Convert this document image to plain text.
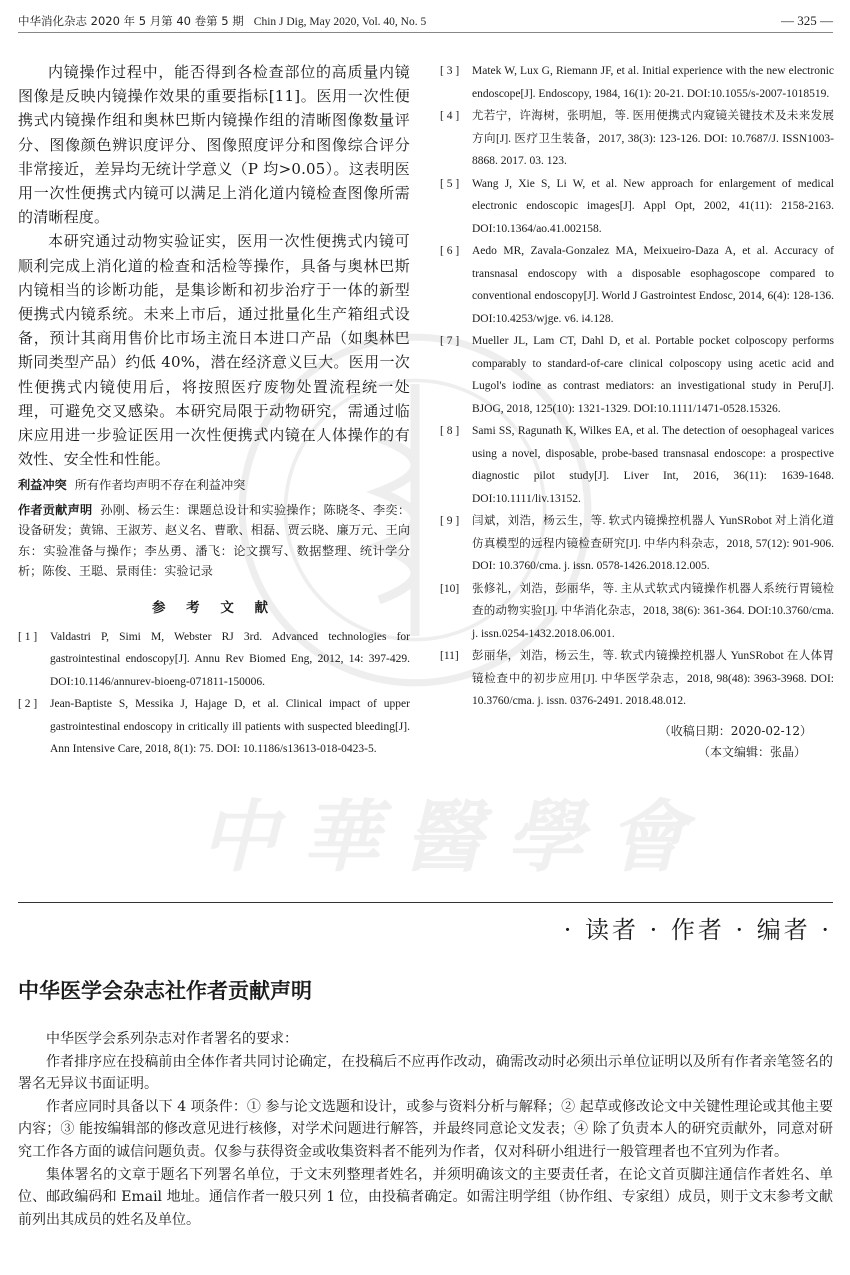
中华消化杂志 2020 年 5 月第 40 卷第 5 期 Chin J Dig, May 2020, Vol. 40, No. 5	— 325 —
中華醫學會

内镜操作过程中，能否得到各检查部位的高质量内镜图像是反映内镜操作效果的重要指标[11]。医用一次性便携式内镜操作组和奥林巴斯内镜操作组的清晰图像数量评分、图像颜色辨识度评分、图像照度评分和图像综合评分非常接近，差异均无统计学意义（P 均>0.05）。这表明医用一次性便携式内镜可以满足上消化道内镜检查图像所需的清晰程度。

本研究通过动物实验证实，医用一次性便携式内镜可顺利完成上消化道的检查和活检等操作，具备与奥林巴斯内镜相当的诊断功能，是集诊断和初步治疗于一体的新型便携式内镜系统。未来上市后，通过批量化生产箱组式设备，预计其商用售价比市场主流日本进口产品（如奥林巴斯同类型产品）约低 40%，潜在经济意义巨大。医用一次性便携式内镜使用后，将按照医疗废物处置流程统一处理，可避免交叉感染。本研究局限于动物研究，需通过临床应用进一步验证医用一次性便携式内镜在人体操作的有效性、安全性和性能。

利益冲突 所有作者均声明不存在利益冲突

作者贡献声明 孙刚、杨云生：课题总设计和实验操作；陈晓冬、李奕：设备研发；黄锦、王淑芳、赵义名、曹歌、相磊、贾云晓、廉万元、王向东：实验准备与操作；李丛勇、潘飞：论文撰写、数据整理、统计学分析；陈俊、王聪、景雨佳：实验记录

参 考 文 献
[ 1 ]	Valdastri P, Simi M, Webster RJ 3rd. Advanced technologies for gastrointestinal endoscopy[J]. Annu Rev Biomed Eng, 2012, 14: 397-429. DOI:10.1146/annurev-bioeng-071811-150006.
[ 2 ]	Jean-Baptiste S, Messika J, Hajage D, et al. Clinical impact of upper gastrointestinal endoscopy in critically ill patients with suspected bleeding[J]. Ann Intensive Care, 2018, 8(1): 75. DOI: 10.1186/s13613-018-0423-5.
[ 3 ]	Matek W, Lux G, Riemann JF, et al. Initial experience with the new electronic endoscope[J]. Endoscopy, 1984, 16(1): 20-21. DOI:10.1055/s-2007-1018519.
[ 4 ]	尤若宁，许海树，张明旭，等. 医用便携式内窥镜关键技术及未来发展方向[J]. 医疗卫生装备，2017, 38(3): 123-126. DOI: 10.7687/J. ISSN1003-8868. 2017. 03. 123.
[ 5 ]	Wang J, Xie S, Li W, et al. New approach for enlargement of medical electronic endoscopic images[J]. Appl Opt, 2002, 41(11): 2158-2163. DOI:10.1364/ao.41.002158.
[ 6 ]	Aedo MR, Zavala-Gonzalez MA, Meixueiro-Daza A, et al. Accuracy of transnasal endoscopy with a disposable esophagoscope compared to conventional endoscopy[J]. World J Gastrointest Endosc, 2014, 6(4): 128-136. DOI:10.4253/wjge. v6. i4.128.
[ 7 ]	Mueller JL, Lam CT, Dahl D, et al. Portable pocket colposcopy performs comparably to standard-of-care clinical colposcopy using acetic acid and Lugol's iodine as contrast mediators: an investigational study in Peru[J]. BJOG, 2018, 125(10): 1321-1329. DOI:10.1111/1471-0528.15326.
[ 8 ]	Sami SS, Ragunath K, Wilkes EA, et al. The detection of oesophageal varices using a novel, disposable, probe-based transnasal endoscope: a prospective diagnostic pilot study[J]. Liver Int, 2016, 36(11): 1639-1648. DOI:10.1111/liv.13152.
[ 9 ]	闫斌，刘浩，杨云生，等. 软式内镜操控机器人 YunSRobot 对上消化道仿真模型的远程内镜检查研究[J]. 中华内科杂志，2018, 57(12): 901-906. DOI: 10.3760/cma. j. issn. 0578-1426.2018.12.005.
[10]	张修礼，刘浩，彭丽华，等. 主从式软式内镜操作机器人系统行胃镜检查的动物实验[J]. 中华消化杂志，2018, 38(6): 361-364. DOI:10.3760/cma. j. issn.0254-1432.2018.06.001.
[11]	彭丽华，刘浩，杨云生，等. 软式内镜操控机器人 YunSRobot 在人体胃镜检查中的初步应用[J]. 中华医学杂志，2018, 98(48): 3963-3968. DOI: 10.3760/cma. j. issn. 0376-2491. 2018.48.012.
（收稿日期：2020-02-12）
（本文编辑：张晶）
· 读者 · 作者 · 编者 ·
中华医学会杂志社作者贡献声明

中华医学会系列杂志对作者署名的要求：

作者排序应在投稿前由全体作者共同讨论确定，在投稿后不应再作改动，确需改动时必须出示单位证明以及所有作者亲笔签名的署名无异议书面证明。

作者应同时具备以下 4 项条件：① 参与论文选题和设计，或参与资料分析与解释；② 起草或修改论文中关键性理论或其他主要内容；③ 能按编辑部的修改意见进行核修，对学术问题进行解答，并最终同意论文发表；④ 除了负责本人的研究贡献外，同意对研究工作各方面的诚信问题负责。仅参与获得资金或收集资料者不能列为作者，仅对科研小组进行一般管理者也不宜列为作者。

集体署名的文章于题名下列署名单位，于文末列整理者姓名，并须明确该文的主要责任者，在论文首页脚注通信作者姓名、单位、邮政编码和 Email 地址。通信作者一般只列 1 位，由投稿者确定。如需注明学组（协作组、专家组）成员，则于文末参考文献前列出其成员的姓名及单位。
